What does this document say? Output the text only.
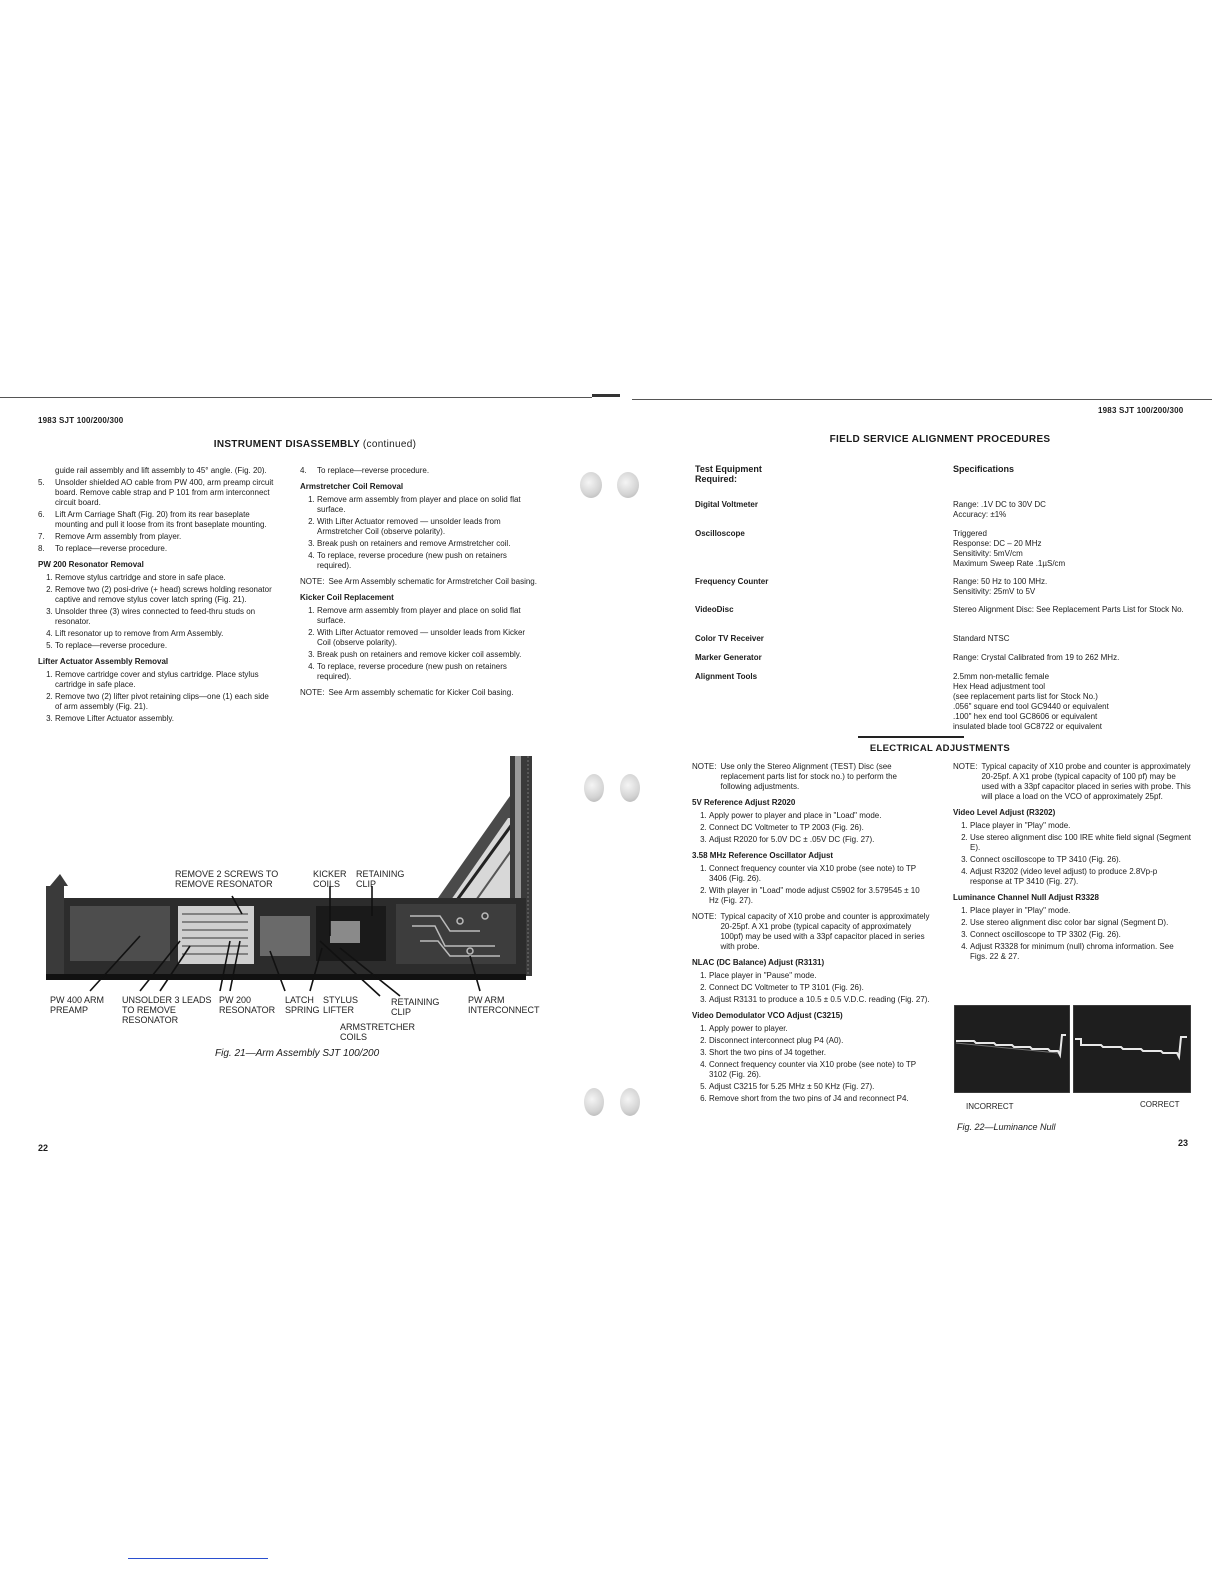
1983 SJT 100/200/300
INSTRUMENT DISASSEMBLY (continued)
guide rail assembly and lift assembly to 45° angle. (Fig. 20).
5.	Unsolder shielded AO cable from PW 400, arm preamp circuit board. Remove cable strap and P 101 from arm interconnect circuit board.
6.	Lift Arm Carriage Shaft (Fig. 20) from its rear baseplate mounting and pull it loose from its front baseplate mounting.
7.	Remove Arm assembly from player.
8.	To replace—reverse procedure.
PW 200 Resonator Removal
1. Remove stylus cartridge and store in safe place.
2. Remove two (2) posi-drive (+ head) screws holding resonator captive and remove stylus cover latch spring (Fig. 21).
3. Unsolder three (3) wires connected to feed-thru studs on resonator.
4. Lift resonator up to remove from Arm Assembly.
5. To replace—reverse procedure.
Lifter Actuator Assembly Removal
1. Remove cartridge cover and stylus cartridge. Place stylus cartridge in safe place.
2. Remove two (2) lifter pivot retaining clips—one (1) each side of arm assembly (Fig. 21).
3. Remove Lifter Actuator assembly.
4.	To replace—reverse procedure.
Armstretcher Coil Removal
1. Remove arm assembly from player and place on solid flat surface.
2. With Lifter Actuator removed — unsolder leads from Armstretcher Coil (observe polarity).
3. Break push on retainers and remove Armstretcher coil.
4. To replace, reverse procedure (new push on retainers required).
NOTE: See Arm Assembly schematic for Armstretcher Coil basing.
Kicker Coil Replacement
1. Remove arm assembly from player and place on solid flat surface.
2. With Lifter Actuator removed — unsolder leads from Kicker Coil (observe polarity).
3. Break push on retainers and remove kicker coil assembly.
4. To replace, reverse procedure (new push on retainers required).
NOTE: See Arm assembly schematic for Kicker Coil basing.
REMOVE 2 SCREWS TO REMOVE RESONATOR
KICKER COILS
RETAINING CLIP
PW 400 ARM PREAMP
UNSOLDER 3 LEADS TO REMOVE RESONATOR
PW 200 RESONATOR
LATCH SPRING
STYLUS LIFTER
RETAINING CLIP
PW ARM INTERCONNECT
ARMSTRETCHER COILS
Fig. 21—Arm Assembly SJT 100/200
22
1983 SJT 100/200/300
FIELD SERVICE ALIGNMENT PROCEDURES
Test Equipment Required:
Specifications
Digital Voltmeter	Range: .1V DC to 30V DC
Accuracy: ±1%
Oscilloscope	Triggered
Response: DC – 20 MHz
Sensitivity: 5mV/cm
Maximum Sweep Rate .1µS/cm
Frequency Counter	Range: 50 Hz to 100 MHz.
Sensitivity: 25mV to 5V
VideoDisc	Stereo Alignment Disc: See Replacement Parts List for Stock No.
Color TV Receiver	Standard NTSC
Marker Generator	Range: Crystal Calibrated from 19 to 262 MHz.
Alignment Tools	2.5mm non-metallic female
Hex Head adjustment tool
(see replacement parts list for Stock No.)
.056" square end tool GC9440 or equivalent
.100" hex end tool GC8606 or equivalent
insulated blade tool GC8722 or equivalent
ELECTRICAL ADJUSTMENTS
NOTE: Use only the Stereo Alignment (TEST) Disc (see replacement parts list for stock no.) to perform the following adjustments.
5V Reference Adjust R2020
1. Apply power to player and place in "Load" mode.
2. Connect DC Voltmeter to TP 2003 (Fig. 26).
3. Adjust R2020 for 5.0V DC ± .05V DC (Fig. 27).
3.58 MHz Reference Oscillator Adjust
1. Connect frequency counter via X10 probe (see note) to TP 3406 (Fig. 26).
2. With player in "Load" mode adjust C5902 for 3.579545 ± 10 Hz (Fig. 27).
NOTE: Typical capacity of X10 probe and counter is approximately 20-25pf. A X1 probe (typical capacity of approximately 100pf) may be used with a 33pf capacitor placed in series with probe.
NLAC (DC Balance) Adjust (R3131)
1. Place player in "Pause" mode.
2. Connect DC Voltmeter to TP 3101 (Fig. 26).
3. Adjust R3131 to produce a 10.5 ± 0.5 V.D.C. reading (Fig. 27).
Video Demodulator VCO Adjust (C3215)
1. Apply power to player.
2. Disconnect interconnect plug P4 (A0).
3. Short the two pins of J4 together.
4. Connect frequency counter via X10 probe (see note) to TP 3102 (Fig. 26).
5. Adjust C3215 for 5.25 MHz ± 50 KHz (Fig. 27).
6. Remove short from the two pins of J4 and reconnect P4.
NOTE: Typical capacity of X10 probe and counter is approximately 20-25pf. A X1 probe (typical capacity of 100 pf) may be used with a 33pf capacitor placed in series with probe. This will place a load on the VCO of approximately 25pf.
Video Level Adjust (R3202)
1. Place player in "Play" mode.
2. Use stereo alignment disc 100 IRE white field signal (Segment E).
3. Connect oscilloscope to TP 3410 (Fig. 26).
4. Adjust R3202 (video level adjust) to produce 2.8Vp-p response at TP 3410 (Fig. 27).
Luminance Channel Null Adjust R3328
1. Place player in "Play" mode.
2. Use stereo alignment disc color bar signal (Segment D).
3. Connect oscilloscope to TP 3302 (Fig. 26).
4. Adjust R3328 for minimum (null) chroma information. See Figs. 22 & 27.
INCORRECT	CORRECT
Fig. 22—Luminance Null
23
